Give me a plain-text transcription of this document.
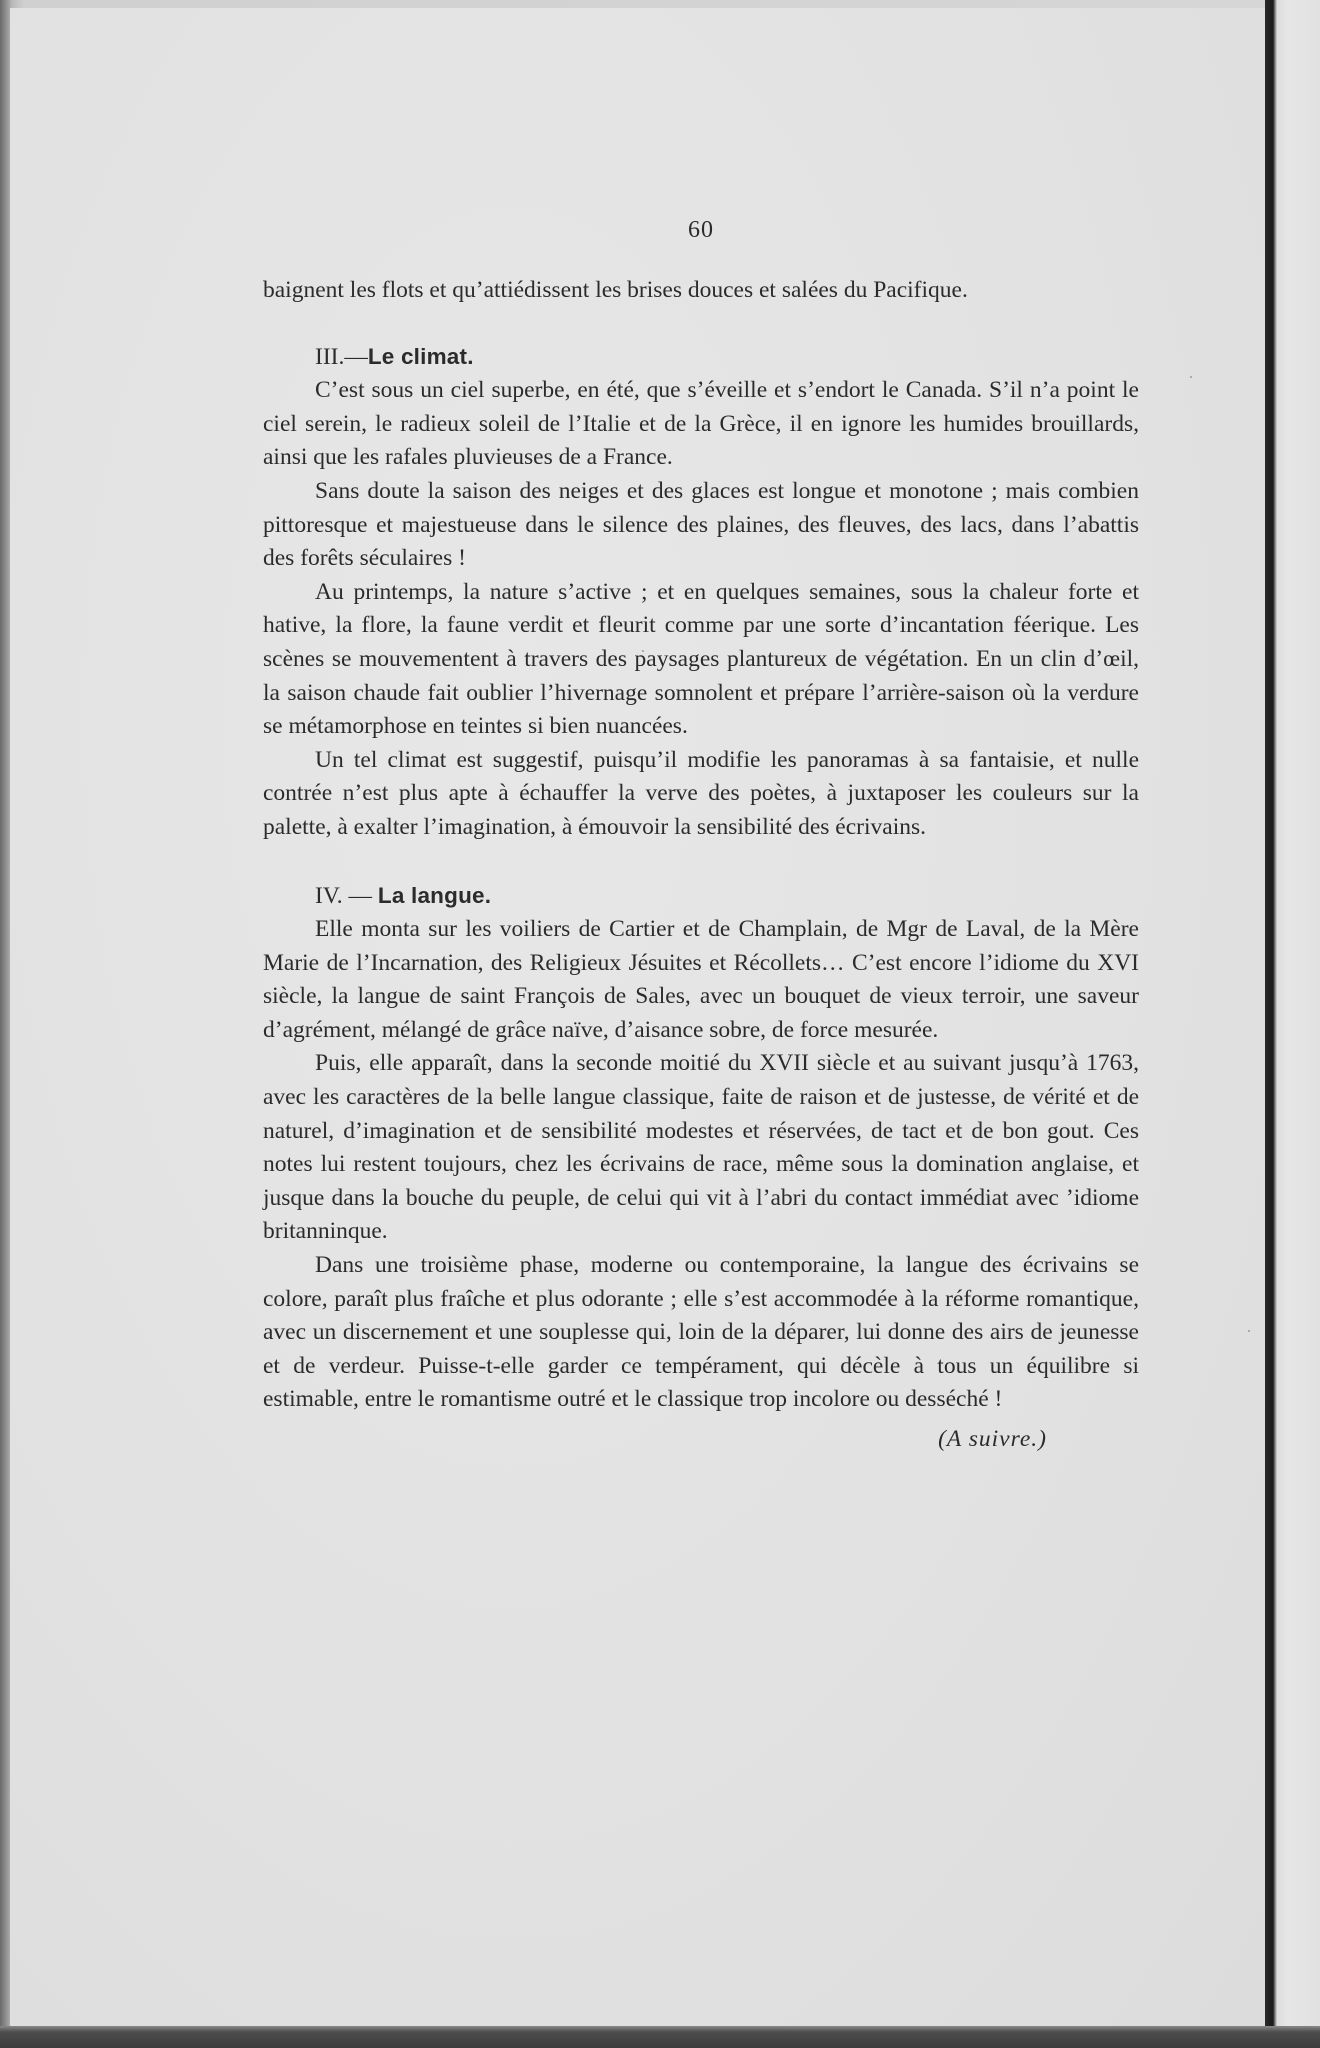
60

baignent les flots et qu’attiédissent les brises douces et salées du Pacifique.

III.—Le climat.

C’est sous un ciel superbe, en été, que s’éveille et s’endort le Canada. S’il n’a point le ciel serein, le radieux soleil de l’Italie et de la Grèce, il en ignore les humides brouillards, ainsi que les rafales pluvieuses de a France.

Sans doute la saison des neiges et des glaces est longue et monotone ; mais combien pittoresque et majestueuse dans le silence des plaines, des fleuves, des lacs, dans l’abattis des forêts séculaires !

Au printemps, la nature s’active ; et en quelques semaines, sous la chaleur forte et hative, la flore, la faune verdit et fleurit comme par une sorte d’incantation féerique. Les scènes se mouvementent à travers des paysages plantureux de végétation. En un clin d’œil, la saison chaude fait oublier l’hivernage somnolent et prépare l’arrière-saison où la verdure se métamorphose en teintes si bien nuancées.

Un tel climat est suggestif, puisqu’il modifie les panoramas à sa fantaisie, et nulle contrée n’est plus apte à échauffer la verve des poètes, à juxtaposer les couleurs sur la palette, à exalter l’imagination, à émouvoir la sensibilité des écrivains.

IV. — La langue.

Elle monta sur les voiliers de Cartier et de Champlain, de Mgr de Laval, de la Mère Marie de l’Incarnation, des Religieux Jésuites et Récollets… C’est encore l’idiome du XVI siècle, la langue de saint François de Sales, avec un bouquet de vieux terroir, une saveur d’agrément, mélangé de grâce naïve, d’aisance sobre, de force mesurée.

Puis, elle apparaît, dans la seconde moitié du XVII siècle et au suivant jusqu’à 1763, avec les caractères de la belle langue classique, faite de raison et de justesse, de vérité et de naturel, d’imagination et de sensibilité modestes et réservées, de tact et de bon gout. Ces notes lui restent toujours, chez les écrivains de race, même sous la domination anglaise, et jusque dans la bouche du peuple, de celui qui vit à l’abri du contact immédiat avec ’idiome britanninque.

Dans une troisième phase, moderne ou contemporaine, la langue des écrivains se colore, paraît plus fraîche et plus odorante ; elle s’est accommodée à la réforme romantique, avec un discernement et une souplesse qui, loin de la déparer, lui donne des airs de jeunesse et de verdeur. Puisse-t-elle garder ce tempérament, qui décèle à tous un équilibre si estimable, entre le romantisme outré et le classique trop incolore ou desséché !

(A suivre.)
